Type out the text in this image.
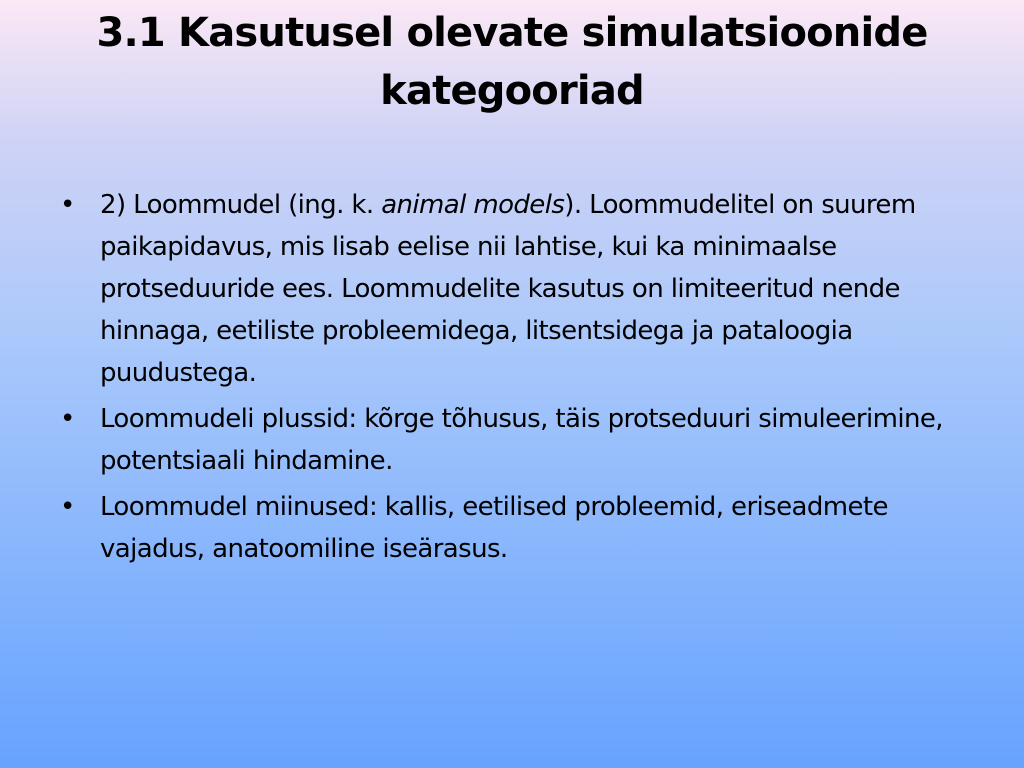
3.1 Kasutusel olevate simulatsioonide kategooriad
• 2) Loommudel (ing. k. animal models). Loommudelitel on suurem paikapidavus, mis lisab eelise nii lahtise, kui ka minimaalse protseduuride ees. Loommudelite kasutus on limiteeritud nende hinnaga, eetiliste probleemidega, litsentsidega ja pataloogia puudustega.
• Loommudeli plussid: kõrge tõhusus, täis protseduuri simuleerimine, potentsiaali hindamine.
• Loommudel miinused: kallis, eetilised probleemid, eriseadmete vajadus, anatoomiline iseärasus.
